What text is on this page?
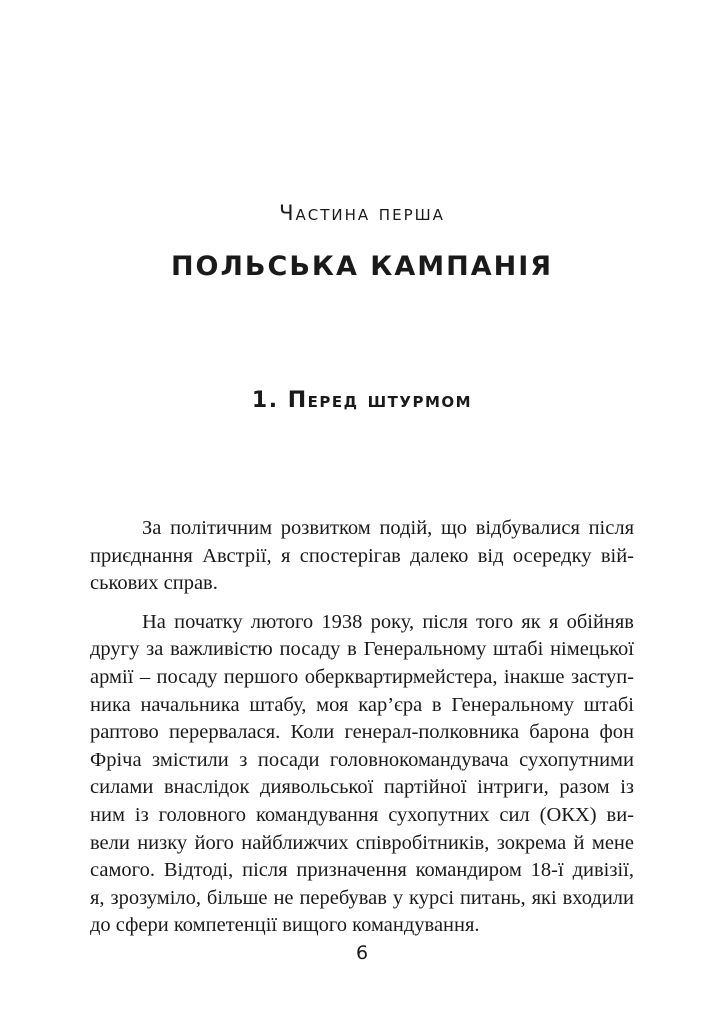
Частина перша
ПОЛЬСЬКА КАМПАНІЯ
1. Перед штурмом

За політичним розвитком подій, що відбувалися після
приєднання Австрії, я спостерігав далеко від осередку вій-
ськових справ.

На початку лютого 1938 року, після того як я обійняв
другу за важливістю посаду в Генеральному штабі німецької
армії – посаду першого оберквартирмейстера, інакше заступ-
ника начальника штабу, моя кар’єра в Генеральному штабі
раптово перервалася. Коли генерал-полковника барона фон
Фріча змістили з посади головнокомандувача сухопутними
силами внаслідок диявольської партійної інтриги, разом із
ним із головного командування сухопутних сил (ОКХ) ви-
вели низку його найближчих співробітників, зокрема й мене
самого. Відтоді, після призначення командиром 18-ї дивізії,
я, зрозуміло, більше не перебував у курсі питань, які входили
до сфери компетенції вищого командування.

6
